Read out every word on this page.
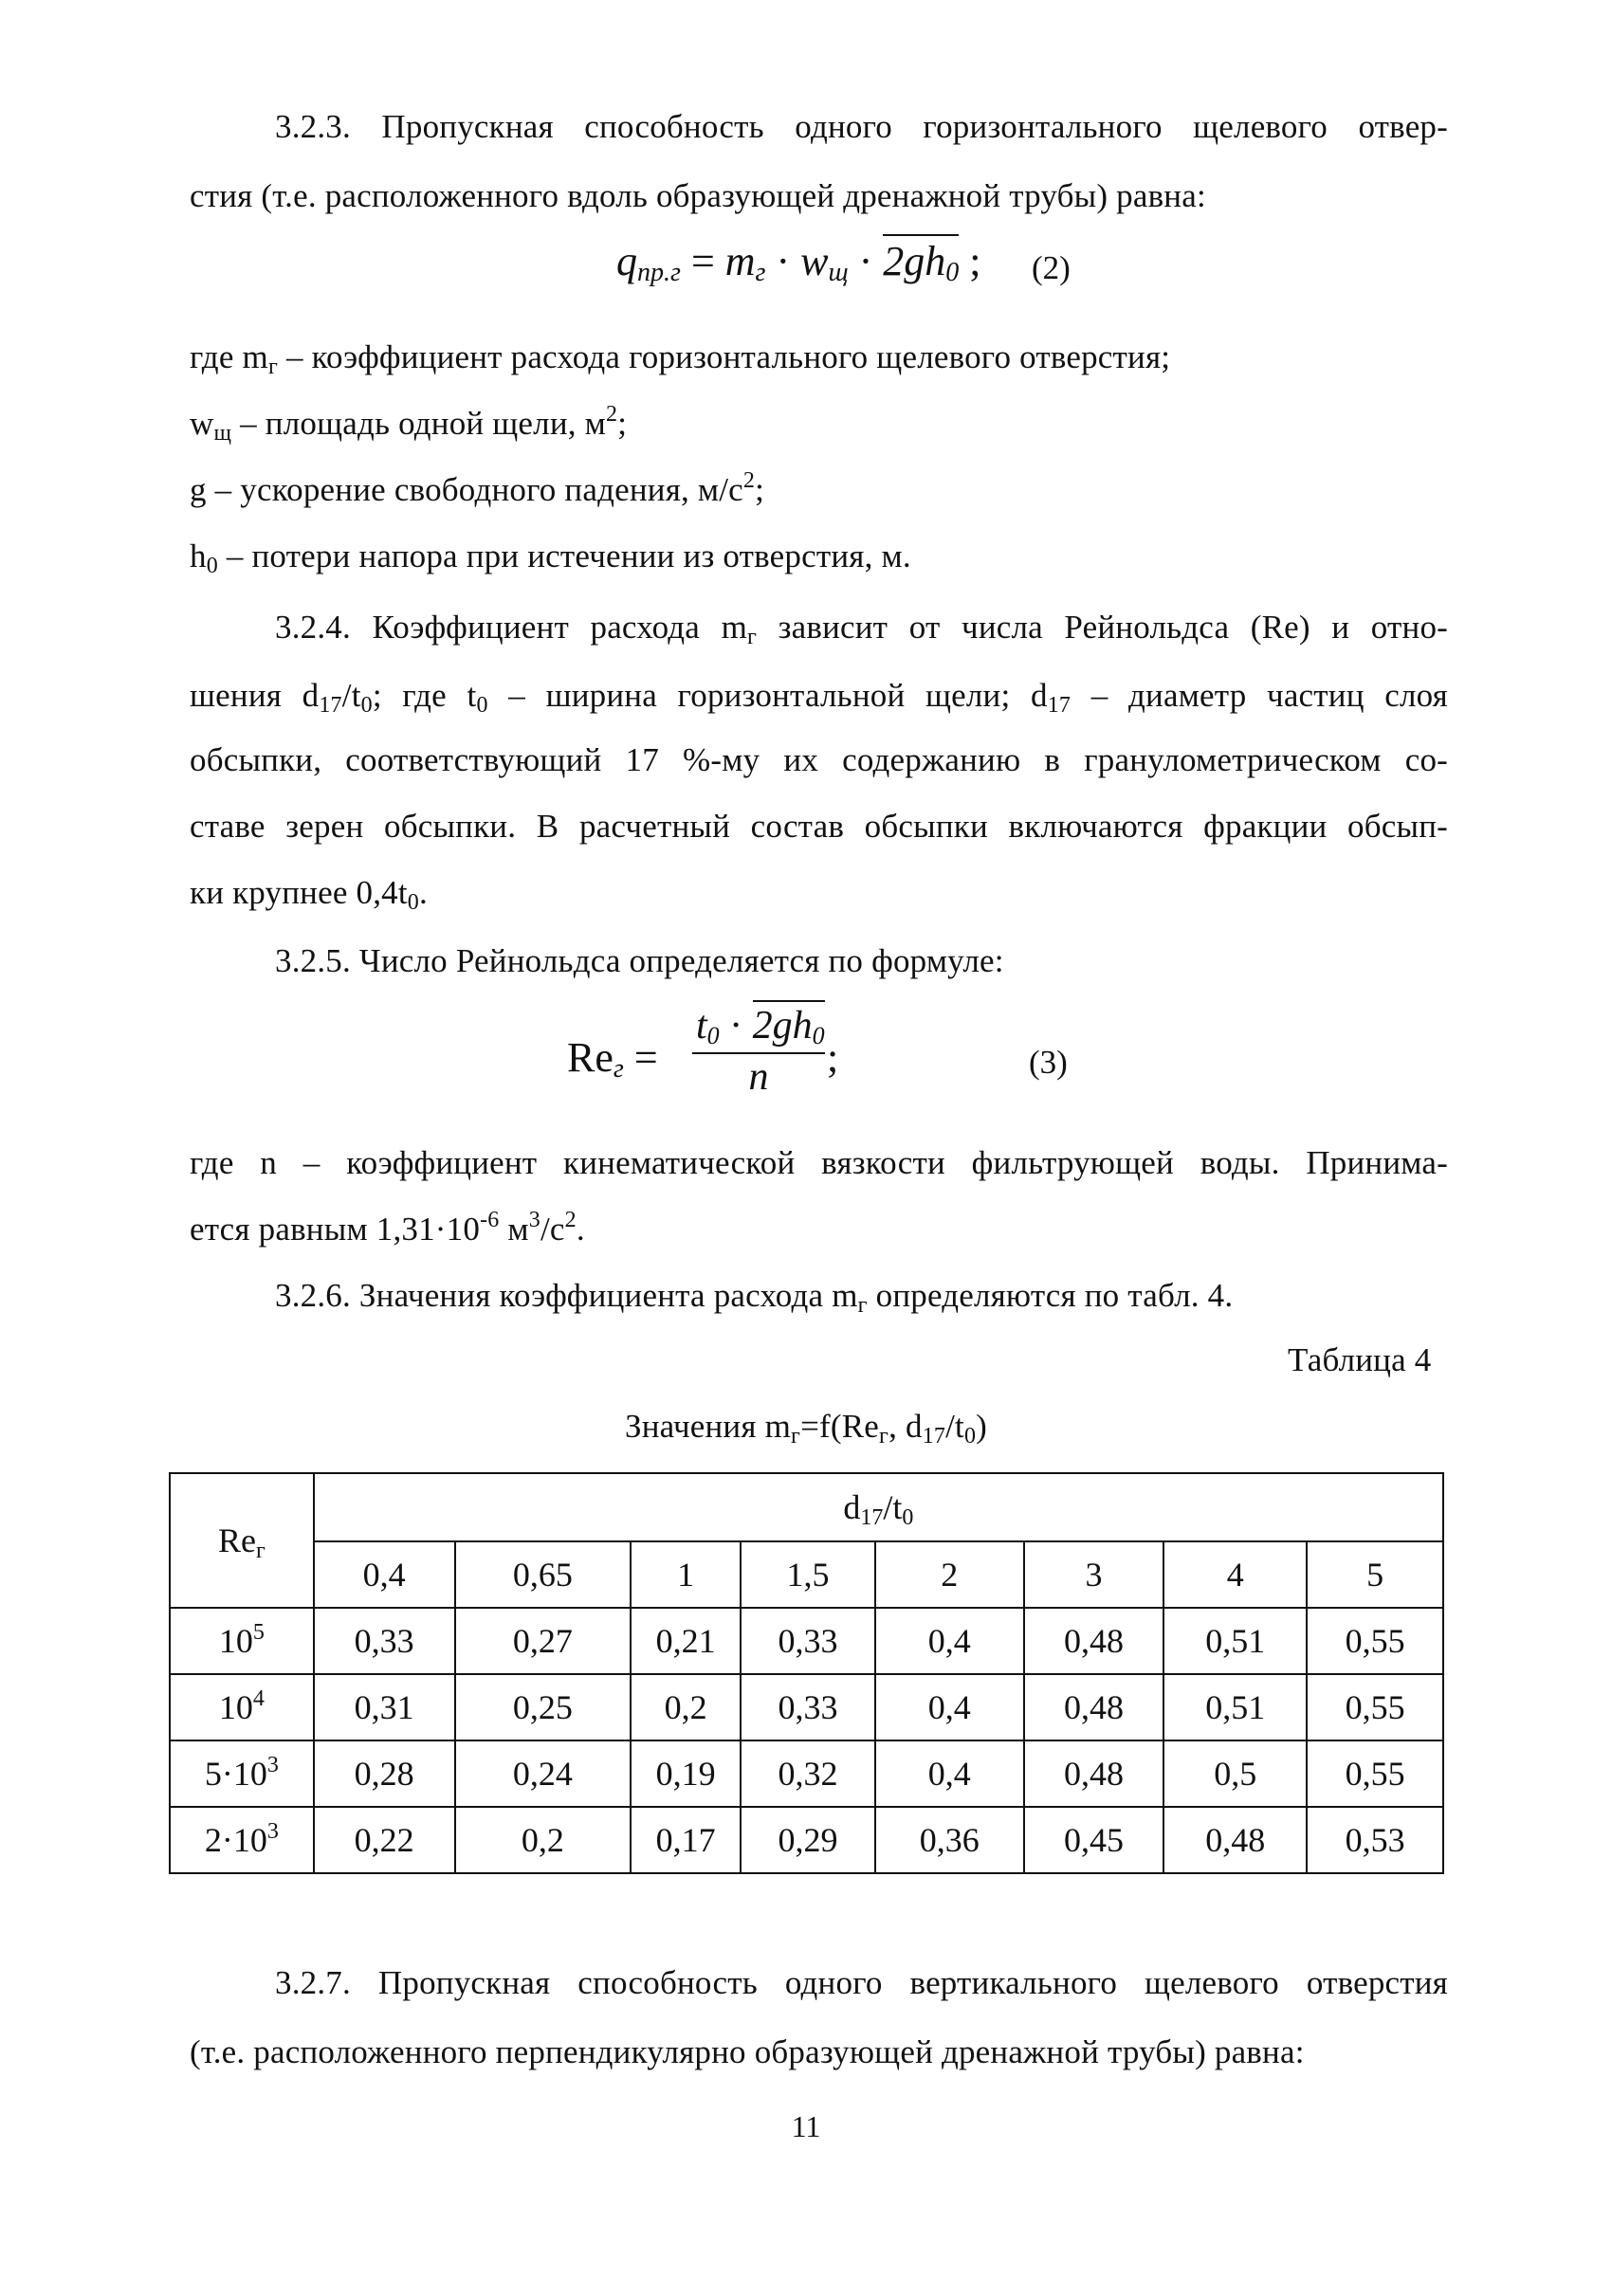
3.2.3. Пропускная способность одного горизонтального щелевого отвер-
стия (т.е. расположенного вдоль образующей дренажной трубы) равна:
$q_{пр.г} = m_г \cdot w_щ \cdot 2gh_0$ ; (2)
где $m_г$ – коэффициент расхода горизонтального щелевого отверстия;
$w_щ$ – площадь одной щели, $м^2$;
g – ускорение свободного падения, $м/с^2$;
$h_0$ – потери напора при истечении из отверстия, м.
3.2.4. Коэффициент расхода $m_г$ зависит от числа Рейнольдса (Re) и отно-
шения $d_{17}/t_0$; где $t_0$ – ширина горизонтальной щели; $d_{17}$ – диаметр частиц слоя
обсыпки, соответствующий 17 %-му их содержанию в гранулометрическом со-
ставе зерен обсыпки. В расчетный состав обсыпки включаются фракции обсып-
ки крупнее $0,4t_0$.
3.2.5. Число Рейнольдса определяется по формуле:
$Re_г = \frac{t_0 \cdot 2gh_0}{n}$ ;	(3)
где n – коэффициент кинематической вязкости фильтрующей воды. Принима-
ется равным $1,31\cdot 10^{-6}$ $м^3/с^2$.
3.2.6. Значения коэффициента расхода $m_г$ определяются по табл. 4.
Таблица 4
Значения $m_г=f(Re_г$, $d_{17}/t_0$)
$Re_г$	$d_{17}/t_0$
	0,4	0,65	1	1,5	2	3	4	5
$10^5$	0,33	0,27	0,21	0,33	0,4	0,48	0,51	0,55
$10^4$	0,31	0,25	0,2	0,33	0,4	0,48	0,51	0,55
$5\cdot 10^3$	0,28	0,24	0,19	0,32	0,4	0,48	0,5	0,55
$2\cdot 10^3$	0,22	0,2	0,17	0,29	0,36	0,45	0,48	0,53
3.2.7. Пропускная способность одного вертикального щелевого отверстия
(т.е. расположенного перпендикулярно образующей дренажной трубы) равна:
11
